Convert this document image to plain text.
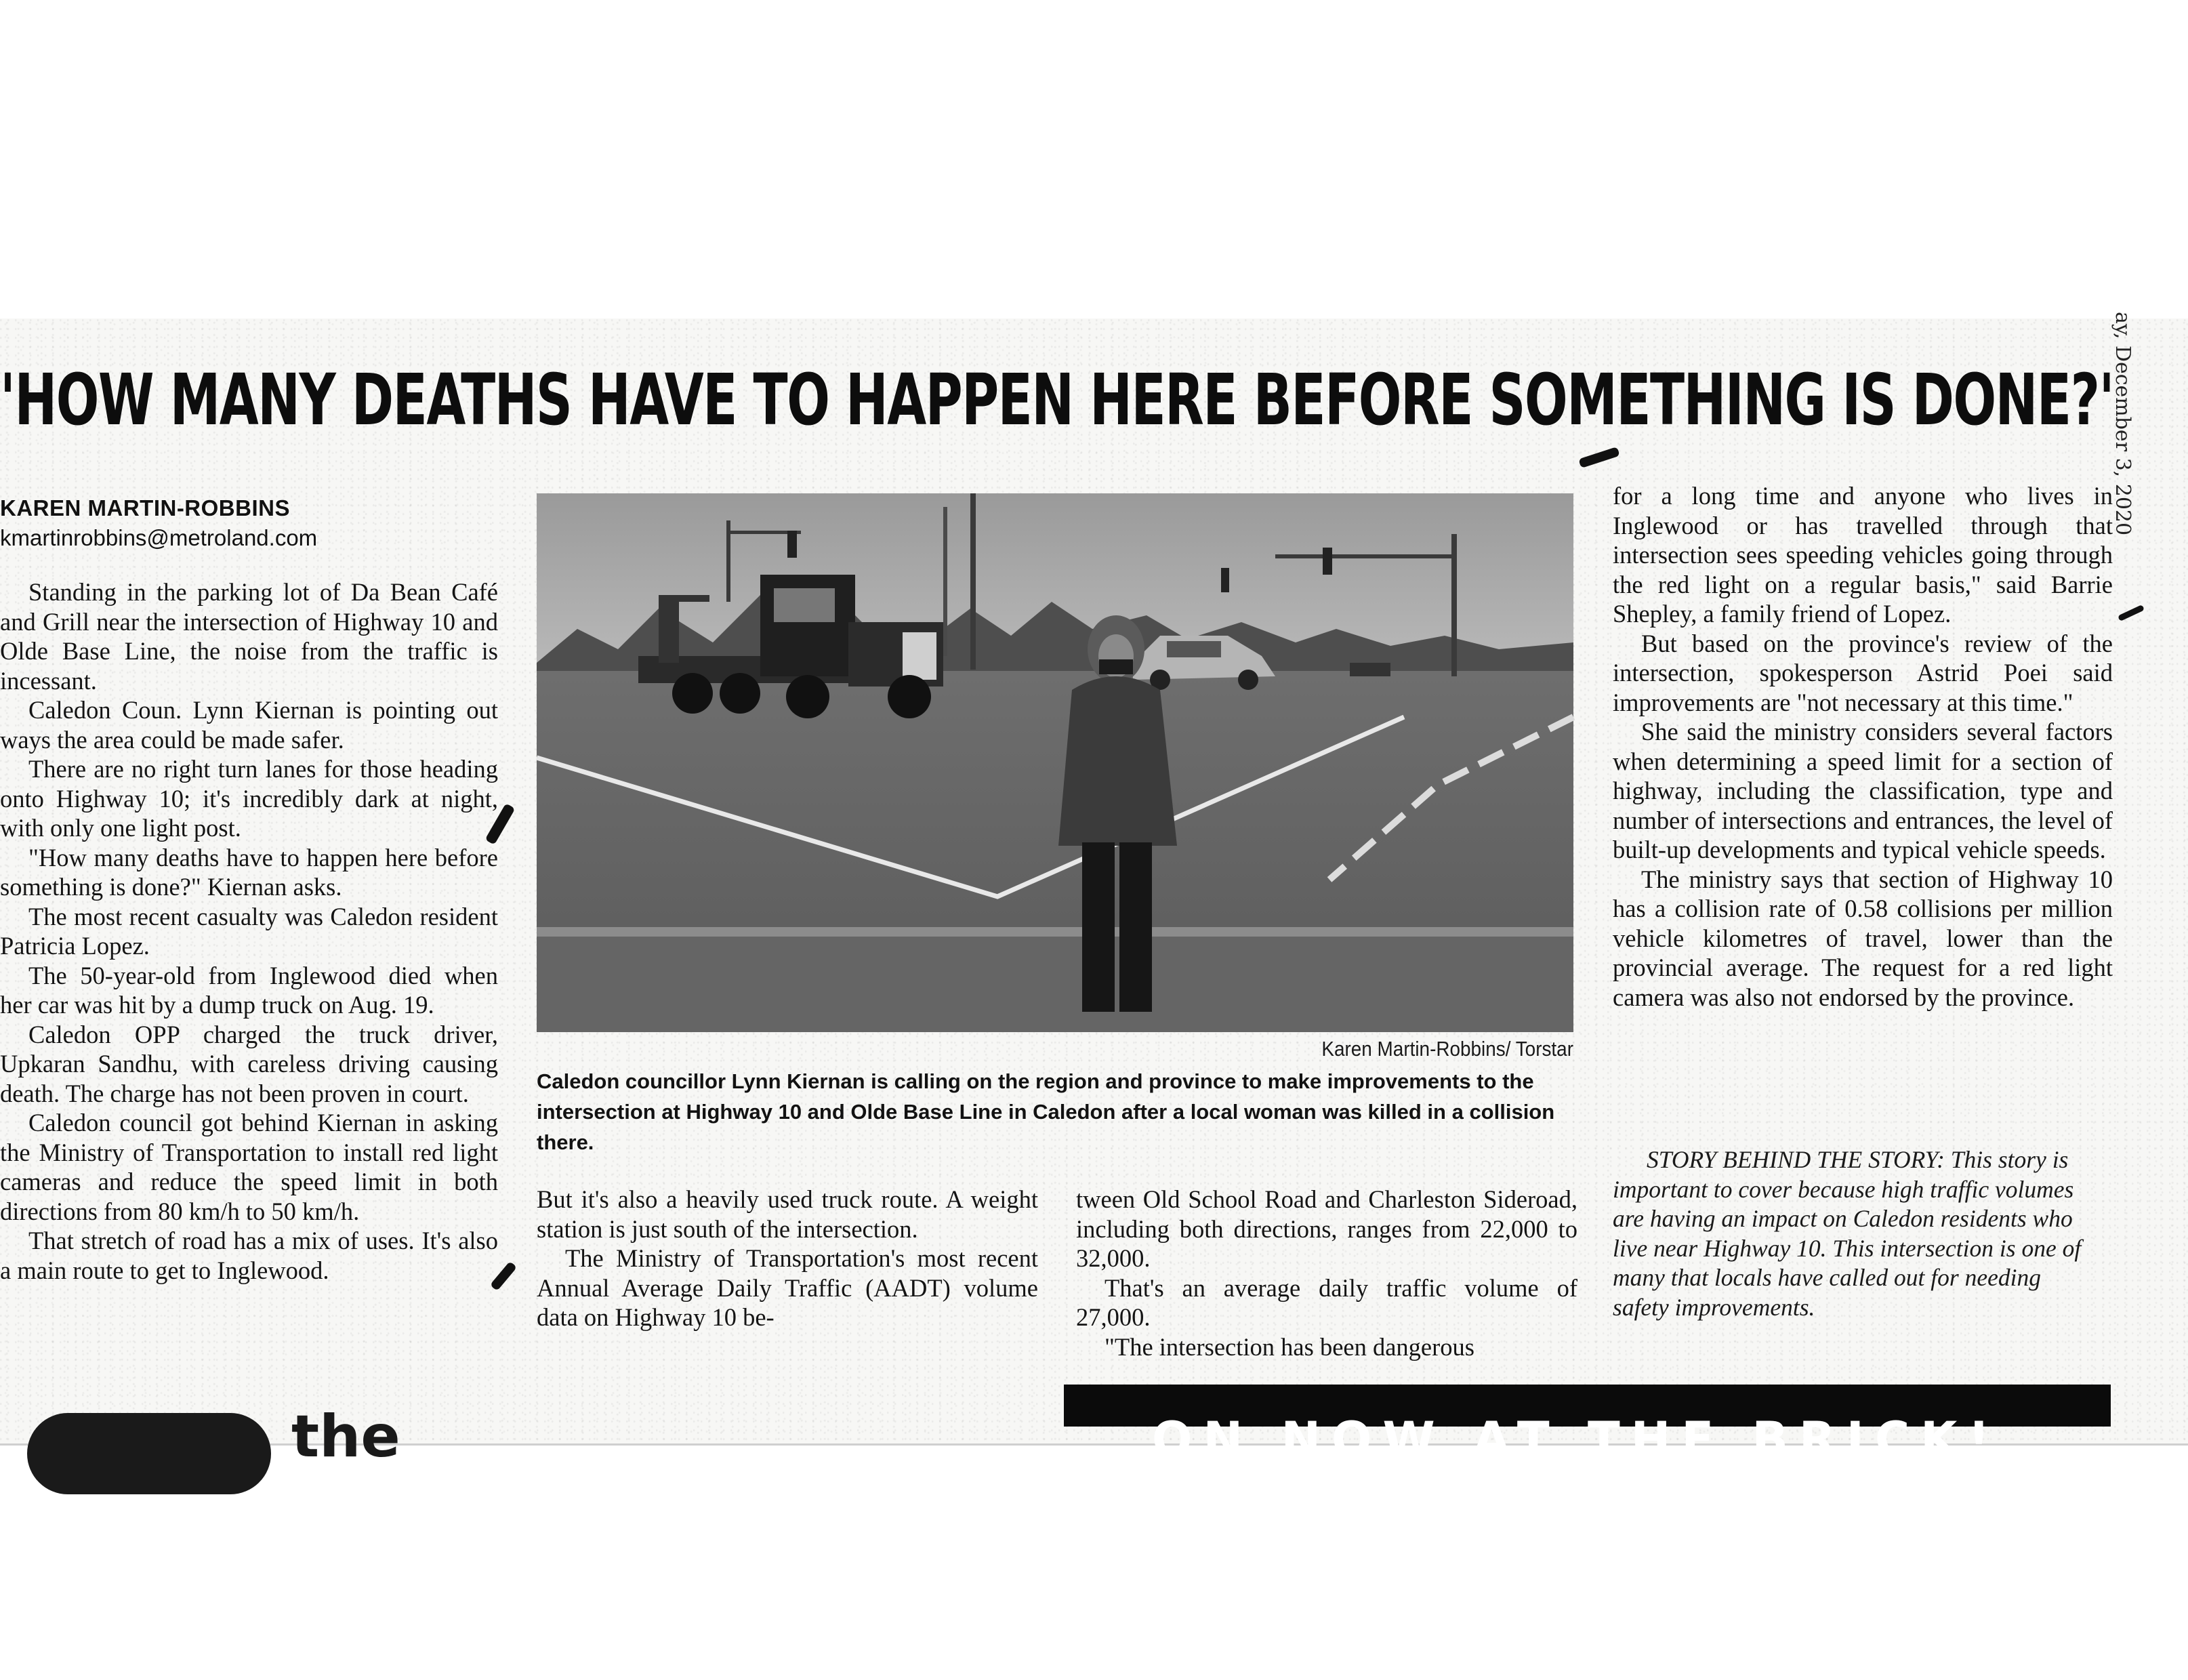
'HOW MANY DEATHS HAVE TO HAPPEN HERE BEFORE SOMETHING IS DONE?'
ay, December 3, 2020
KAREN MARTIN-ROBBINS
kmartinrobbins@metroland.com

Standing in the parking lot of Da Bean Café and Grill near the intersection of Highway 10 and Olde Base Line, the noise from the traffic is incessant.

Caledon Coun. Lynn Kiernan is pointing out ways the area could be made safer.

There are no right turn lanes for those heading onto Highway 10; it's incredibly dark at night, with only one light post.

"How many deaths have to happen here before something is done?" Kiernan asks.

The most recent casualty was Caledon resident Patricia Lopez.

The 50-year-old from Inglewood died when her car was hit by a dump truck on Aug. 19.

Caledon OPP charged the truck driver, Upkaran Sandhu, with careless driving causing death. The charge has not been proven in court.

Caledon council got behind Kiernan in asking the Ministry of Transportation to install red light cameras and reduce the speed limit in both directions from 80 km/h to 50 km/h.

That stretch of road has a mix of uses. It's also a main route to get to Inglewood.

Karen Martin-Robbins/ Torstar
Caledon councillor Lynn Kiernan is calling on the region and province to make improvements to the intersection at Highway 10 and Olde Base Line in Caledon after a local woman was killed in a collision there.

But it's also a heavily used truck route. A weight station is just south of the intersection.

The Ministry of Transportation's most recent Annual Average Daily Traffic (AADT) volume data on Highway 10 be-

tween Old School Road and Charleston Sideroad, including both directions, ranges from 22,000 to 32,000.

That's an average daily traffic volume of 27,000.

"The intersection has been dangerous

for a long time and anyone who lives in Inglewood or has travelled through that intersection sees speeding vehicles going through the red light on a regular basis," said Barrie Shepley, a family friend of Lopez.

But based on the province's review of the intersection, spokesperson Astrid Poei said improvements are "not necessary at this time."

She said the ministry considers several factors when determining a speed limit for a section of highway, including the classification, type and number of intersections and entrances, the level of built-up developments and typical vehicle speeds.

The ministry says that section of Highway 10 has a collision rate of 0.58 collisions per million vehicle kilometres of travel, lower than the provincial average. The request for a red light camera was also not endorsed by the province.

STORY BEHIND THE STORY: This story is important to cover because high traffic volumes are having an impact on Caledon residents who live near Highway 10. This intersection is one of many that locals have called out for needing safety improvements.

the	ON NOW AT THE BRICK!
